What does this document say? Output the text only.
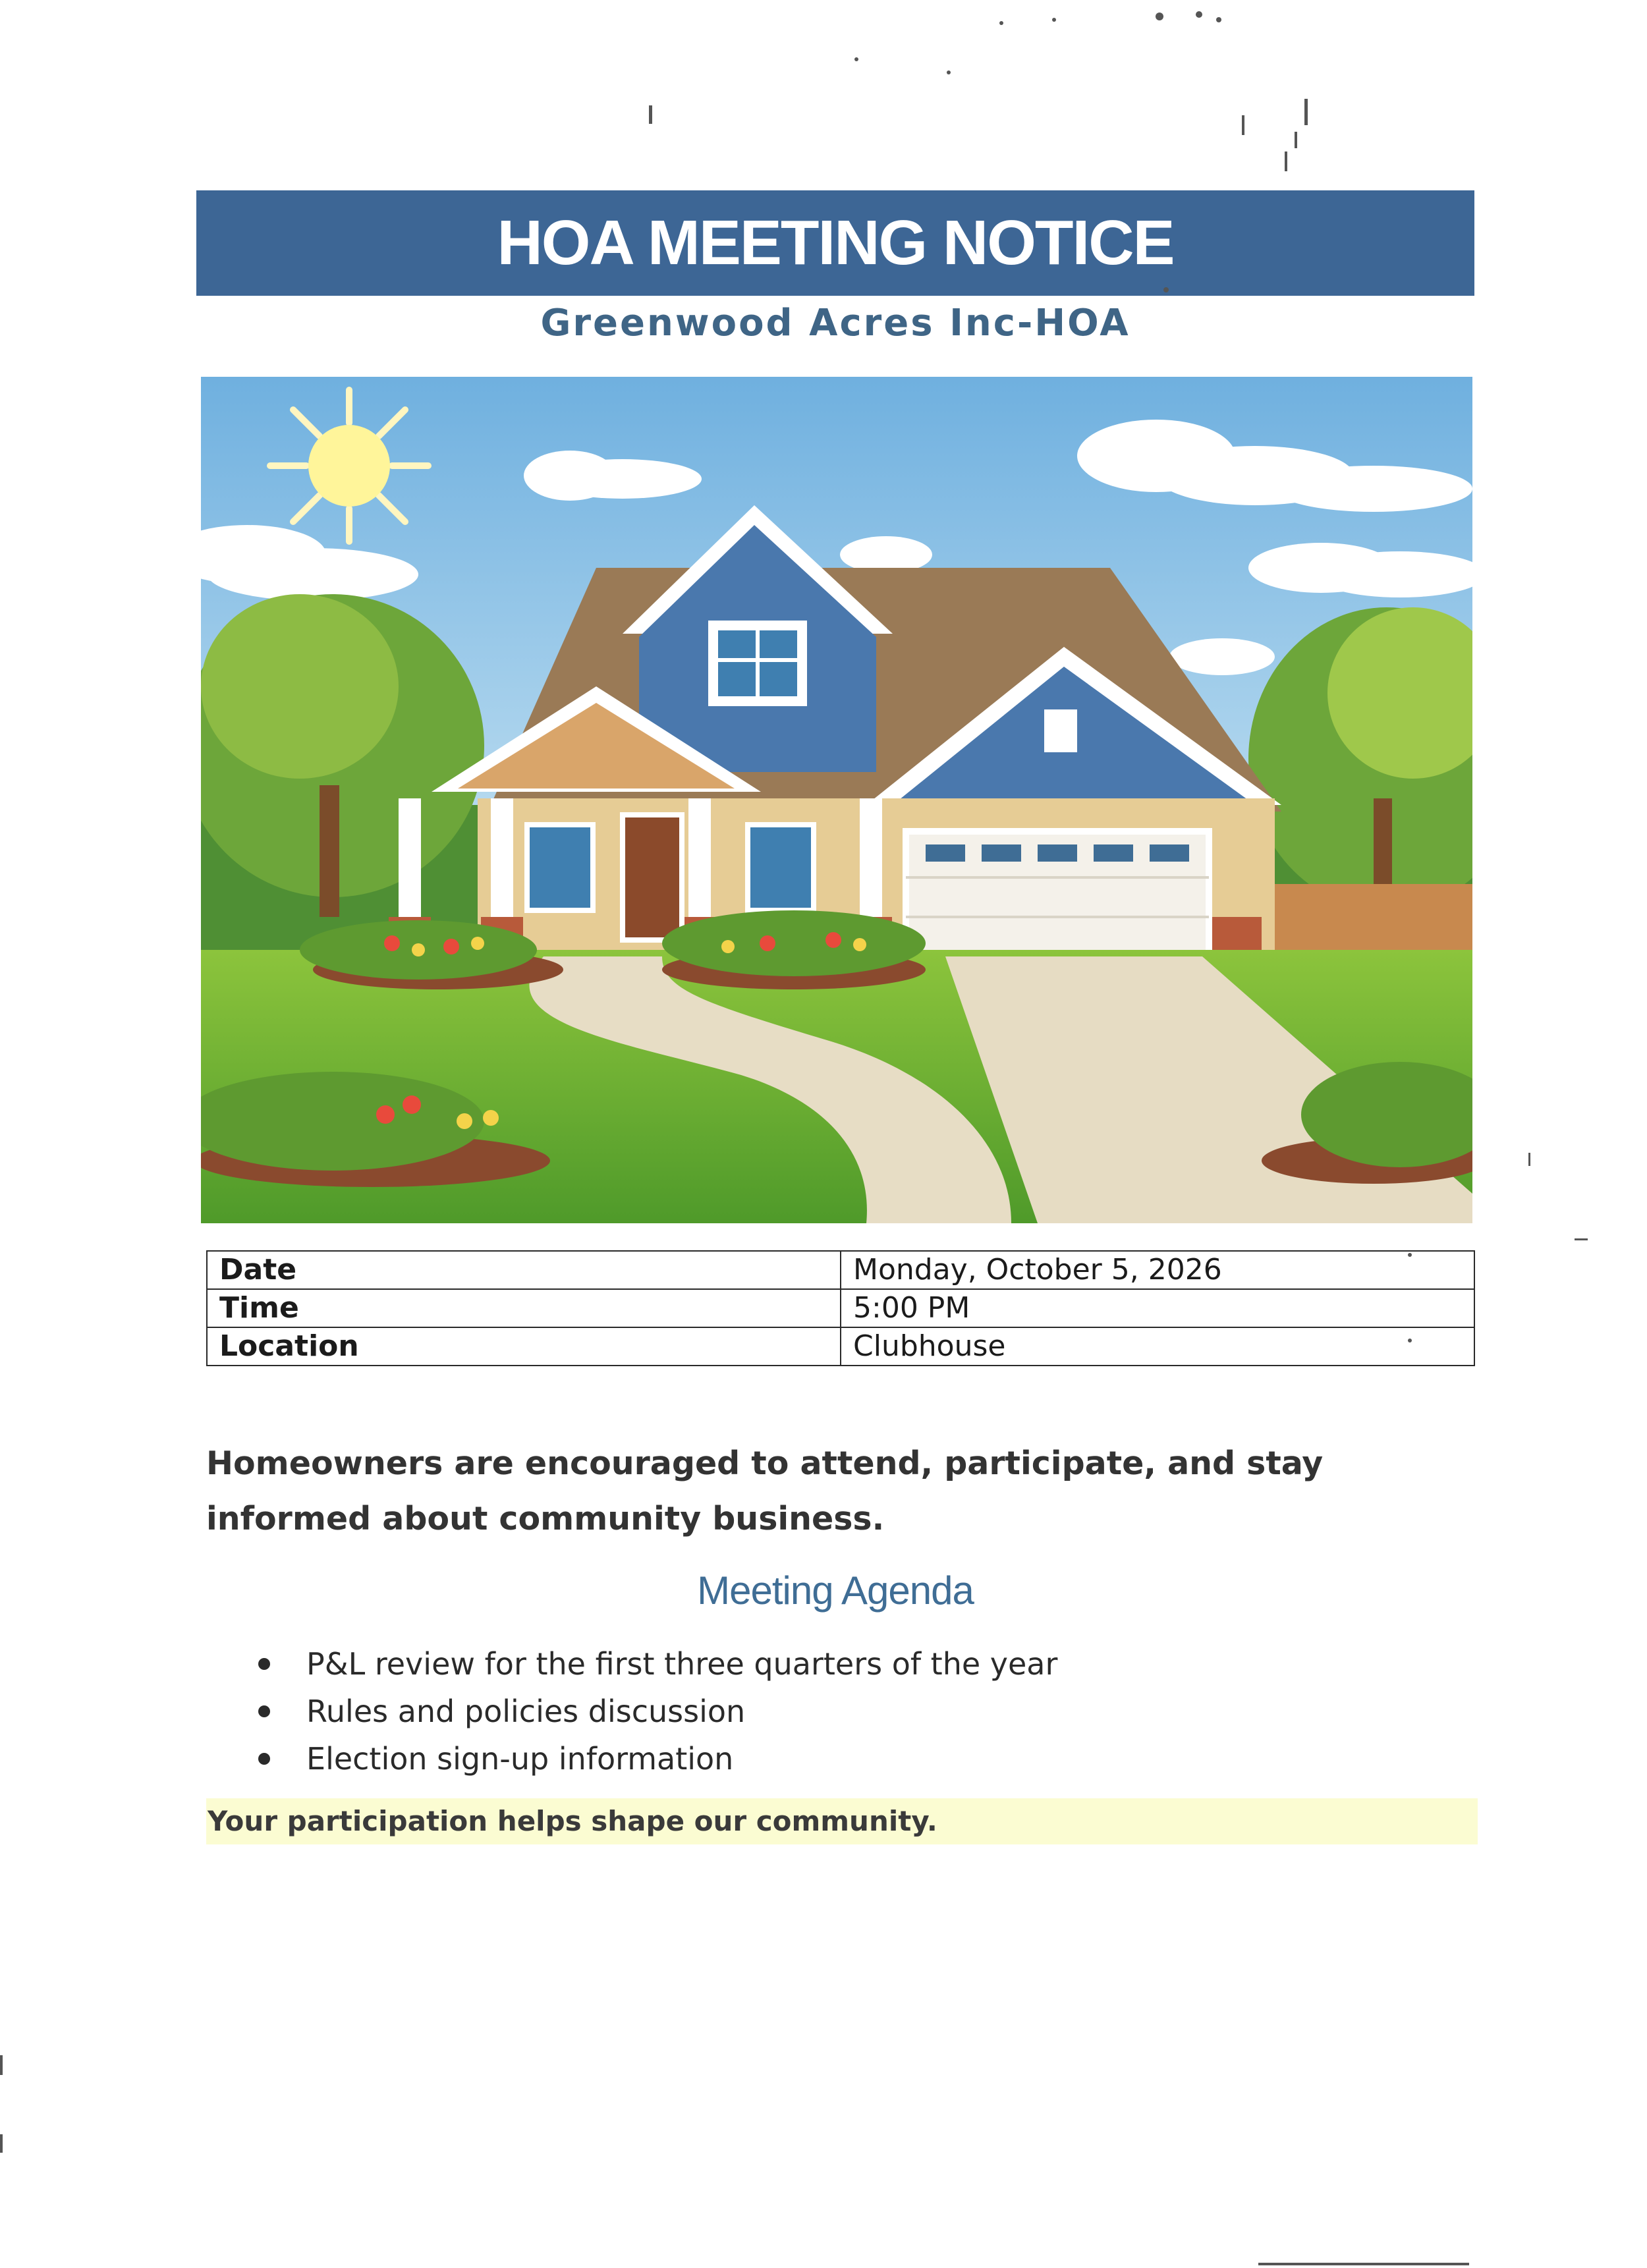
HOA MEETING NOTICE
Greenwood Acres Inc-HOA
Date	Monday, October 5, 2026
Time	5:00 PM
Location	Clubhouse
Homeowners are encouraged to attend, participate, and stay informed about community business.
Meeting Agenda
P&L review for the first three quarters of the year
Rules and policies discussion
Election sign-up information
Your participation helps shape our community.
